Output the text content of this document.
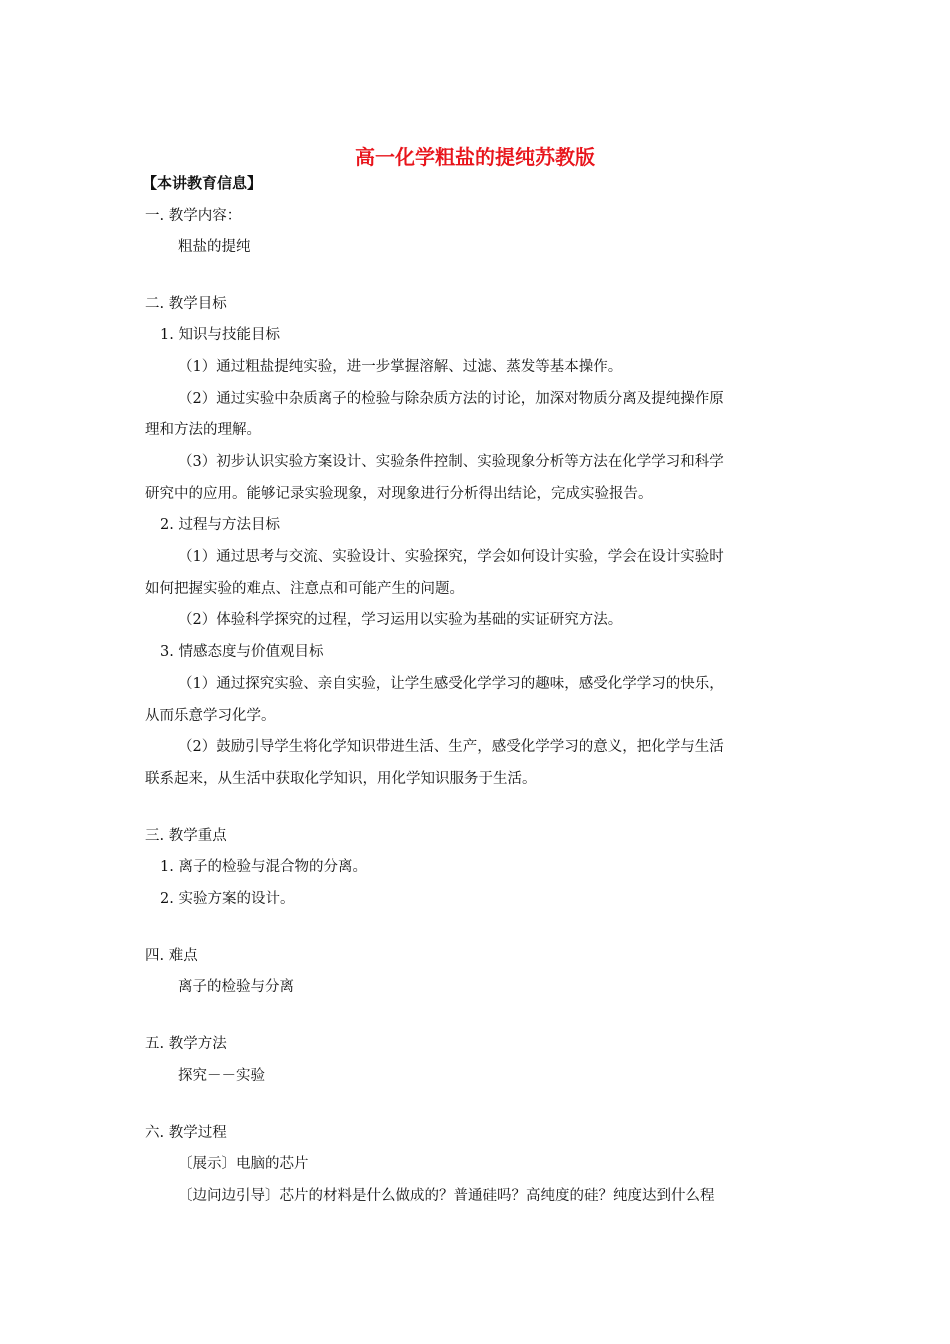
高一化学粗盐的提纯苏教版
【本讲教育信息】

一. 教学内容：

粗盐的提纯

二. 教学目标

1. 知识与技能目标

（1）通过粗盐提纯实验，进一步掌握溶解、过滤、蒸发等基本操作。

（2）通过实验中杂质离子的检验与除杂质方法的讨论，加深对物质分离及提纯操作原

理和方法的理解。

（3）初步认识实验方案设计、实验条件控制、实验现象分析等方法在化学学习和科学

研究中的应用。能够记录实验现象，对现象进行分析得出结论，完成实验报告。

2. 过程与方法目标

（1）通过思考与交流、实验设计、实验探究，学会如何设计实验，学会在设计实验时

如何把握实验的难点、注意点和可能产生的问题。

（2）体验科学探究的过程，学习运用以实验为基础的实证研究方法。

3. 情感态度与价值观目标

（1）通过探究实验、亲自实验，让学生感受化学学习的趣味，感受化学学习的快乐，

从而乐意学习化学。

（2）鼓励引导学生将化学知识带进生活、生产，感受化学学习的意义，把化学与生活

联系起来，从生活中获取化学知识，用化学知识服务于生活。

三. 教学重点

1. 离子的检验与混合物的分离。

2. 实验方案的设计。

四. 难点

离子的检验与分离

五. 教学方法

探究－－实验

六. 教学过程

〔展示〕电脑的芯片

〔边问边引导〕芯片的材料是什么做成的？普通硅吗？高纯度的硅？纯度达到什么程
